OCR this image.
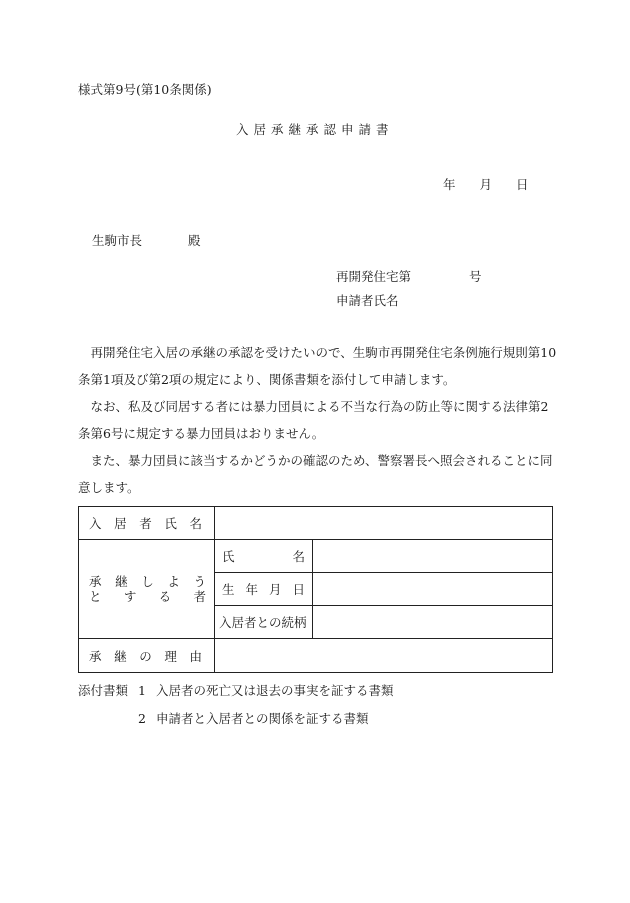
様式第9号(第10条関係)
入居承継承認申請書
年 月 日
生駒市長	殿
再開発住宅第	号
申請者氏名

再開発住宅入居の承継の承認を受けたいので、生駒市再開発住宅条例施行規則第10条第1項及び第2項の規定により、関係書類を添付して申請します。

なお、私及び同居する者には暴力団員による不当な行為の防止等に関する法律第2条第6号に規定する暴力団員はおりません。

また、暴力団員に該当するかどうかの確認のため、警察署長へ照会されることに同意します。

入居者氏名		

承継しよう
とする者	氏名	

	生年月日	

	入居者との続柄	

承継の理由		

添付書類 1 入居者の死亡又は退去の事実を証する書類
2 申請者と入居者との関係を証する書類
